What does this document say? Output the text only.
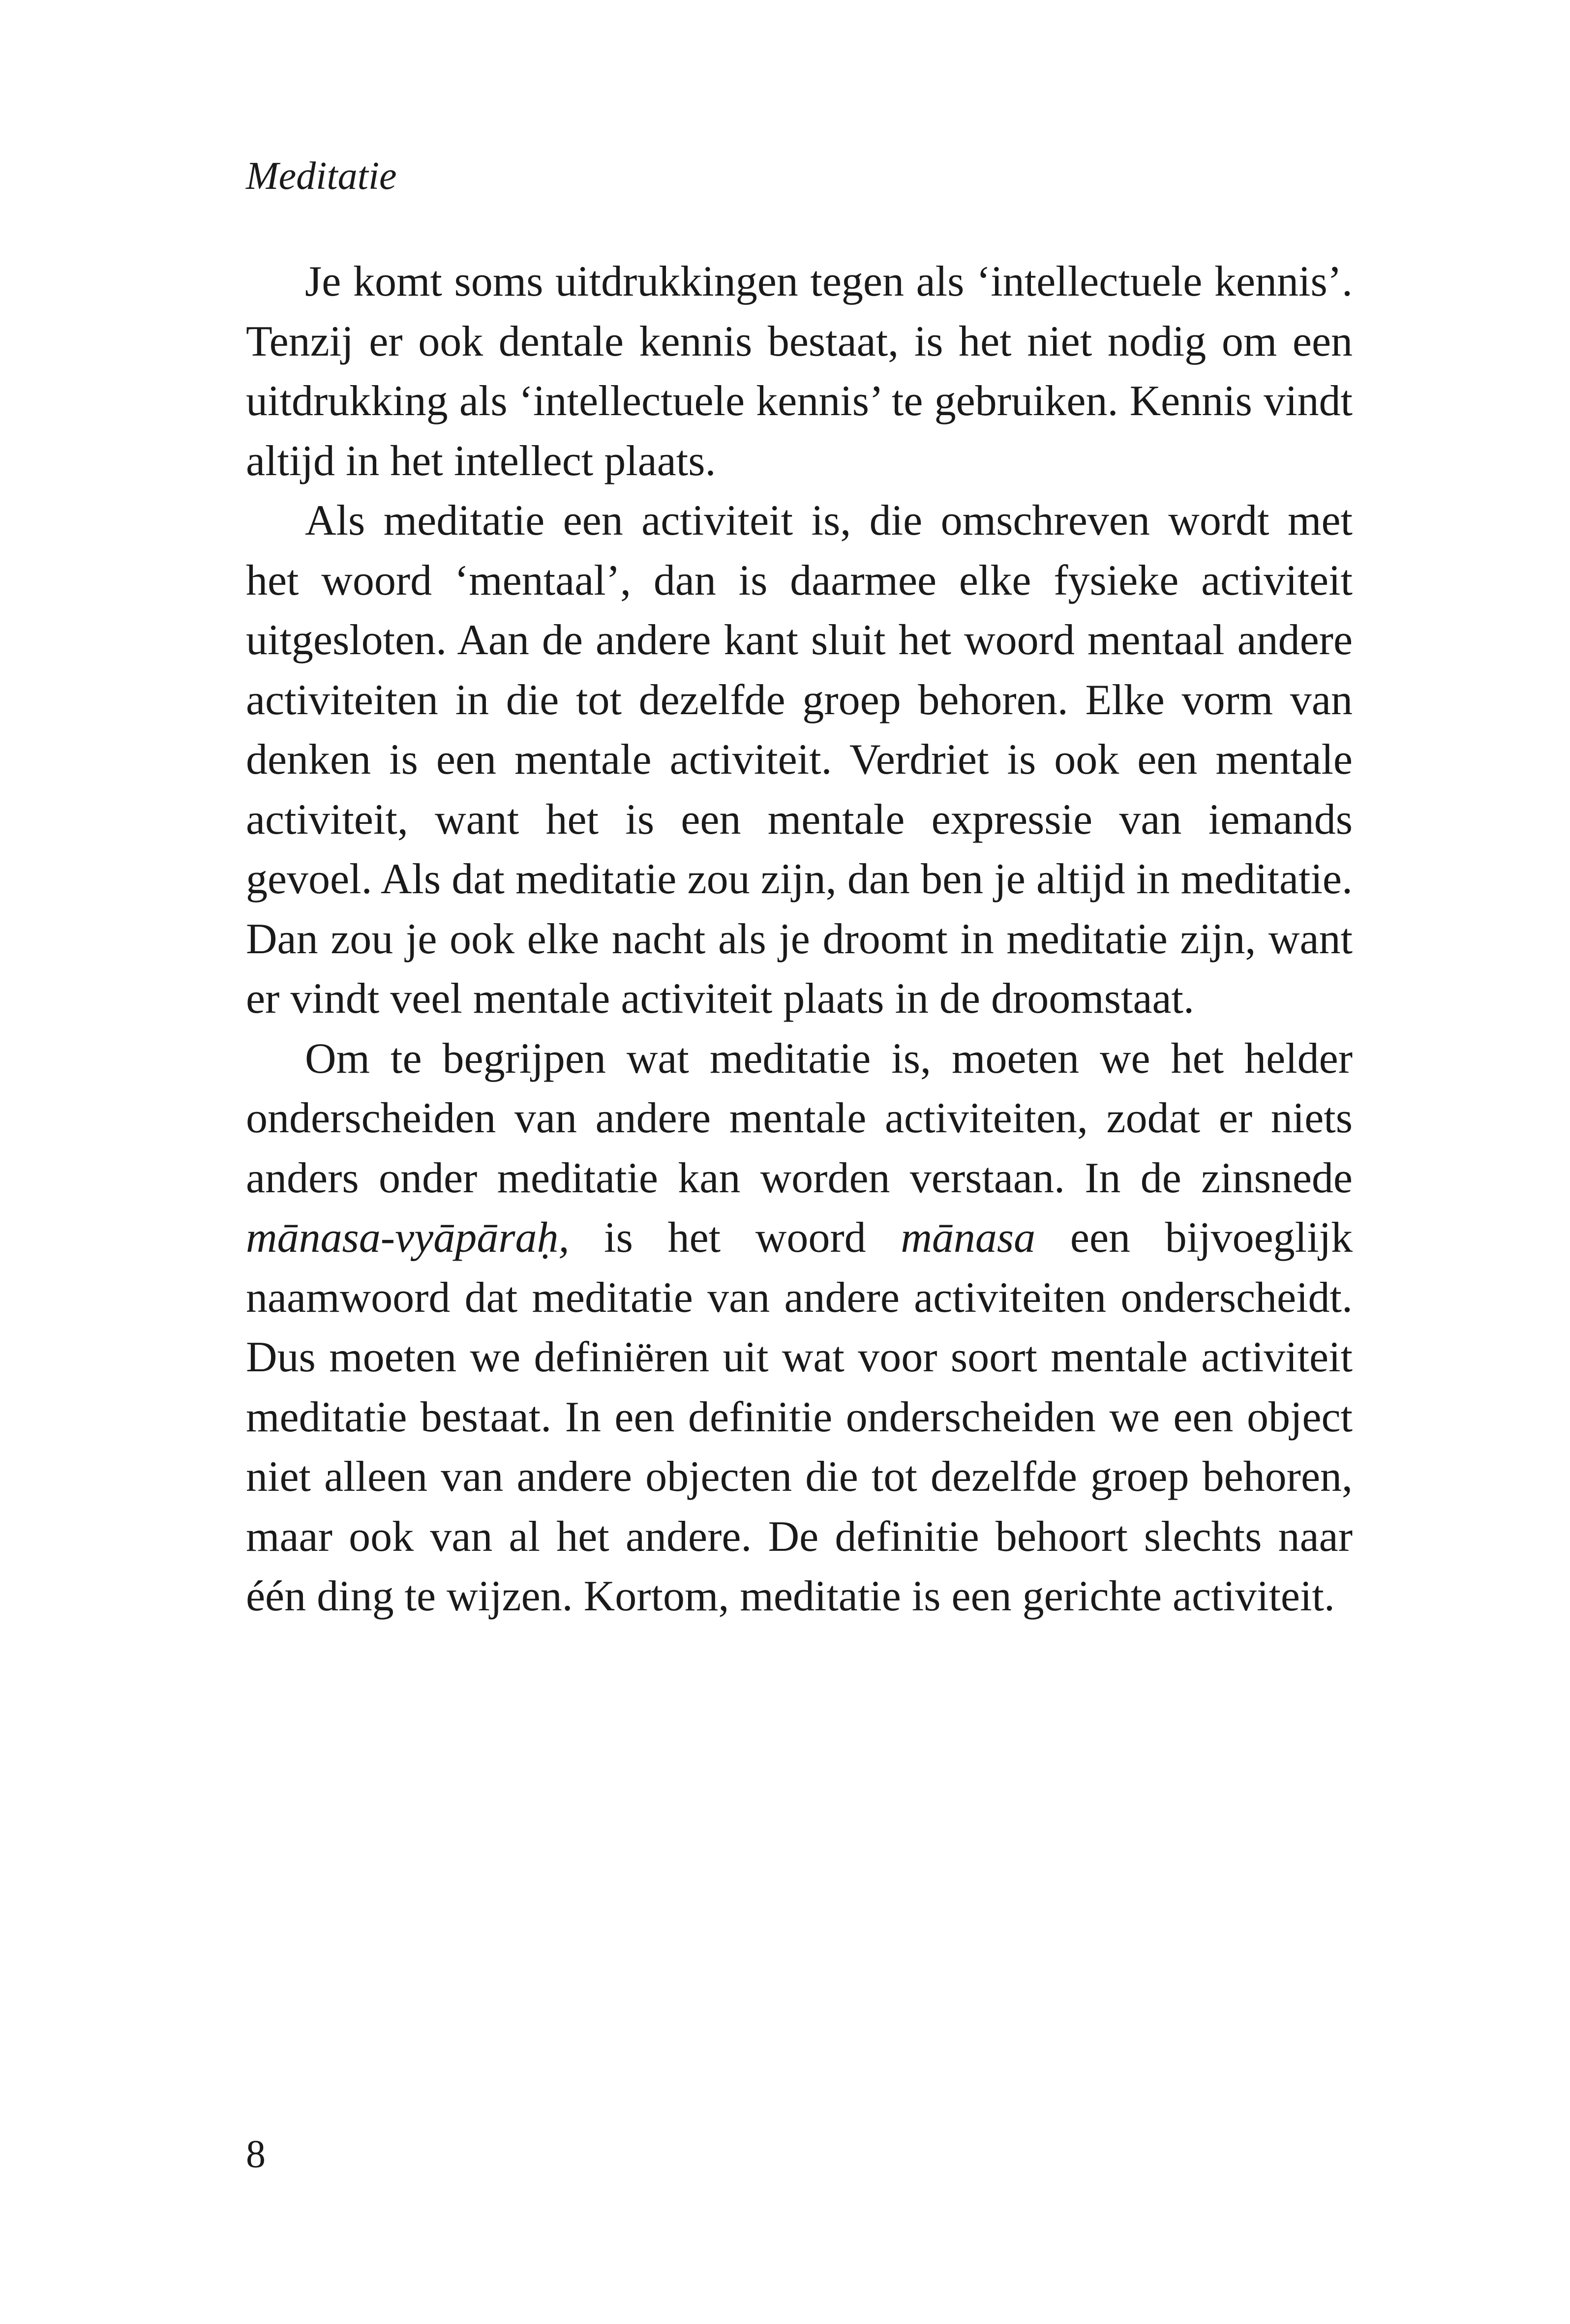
Meditatie

Je komt soms uitdrukkingen tegen als ‘intellectuele kennis’. Tenzij er ook dentale kennis bestaat, is het niet nodig om een uitdrukking als ‘intellectuele kennis’ te gebruiken. Kennis vindt altijd in het intellect plaats.

Als meditatie een activiteit is, die omschreven wordt met het woord ‘mentaal’, dan is daarmee elke fysieke activiteit uitgesloten. Aan de andere kant sluit het woord mentaal andere activiteiten in die tot dezelfde groep behoren. Elke vorm van denken is een mentale activiteit. Verdriet is ook een mentale activiteit, want het is een mentale expressie van iemands gevoel. Als dat meditatie zou zijn, dan ben je altijd in meditatie. Dan zou je ook elke nacht als je droomt in meditatie zijn, want er vindt veel mentale activiteit plaats in de droomstaat.

Om te begrijpen wat meditatie is, moeten we het helder onderscheiden van andere mentale activiteiten, zodat er niets anders onder meditatie kan worden verstaan. In de zinsnede mānasa-vyāpāraḥ, is het woord mānasa een bijvoeglijk naamwoord dat meditatie van andere activiteiten onderscheidt. Dus moeten we definiëren uit wat voor soort mentale activiteit meditatie bestaat. In een definitie onderscheiden we een object niet alleen van andere objecten die tot dezelfde groep behoren, maar ook van al het andere. De definitie behoort slechts naar één ding te wijzen. Kortom, meditatie is een gerichte activiteit.

8
